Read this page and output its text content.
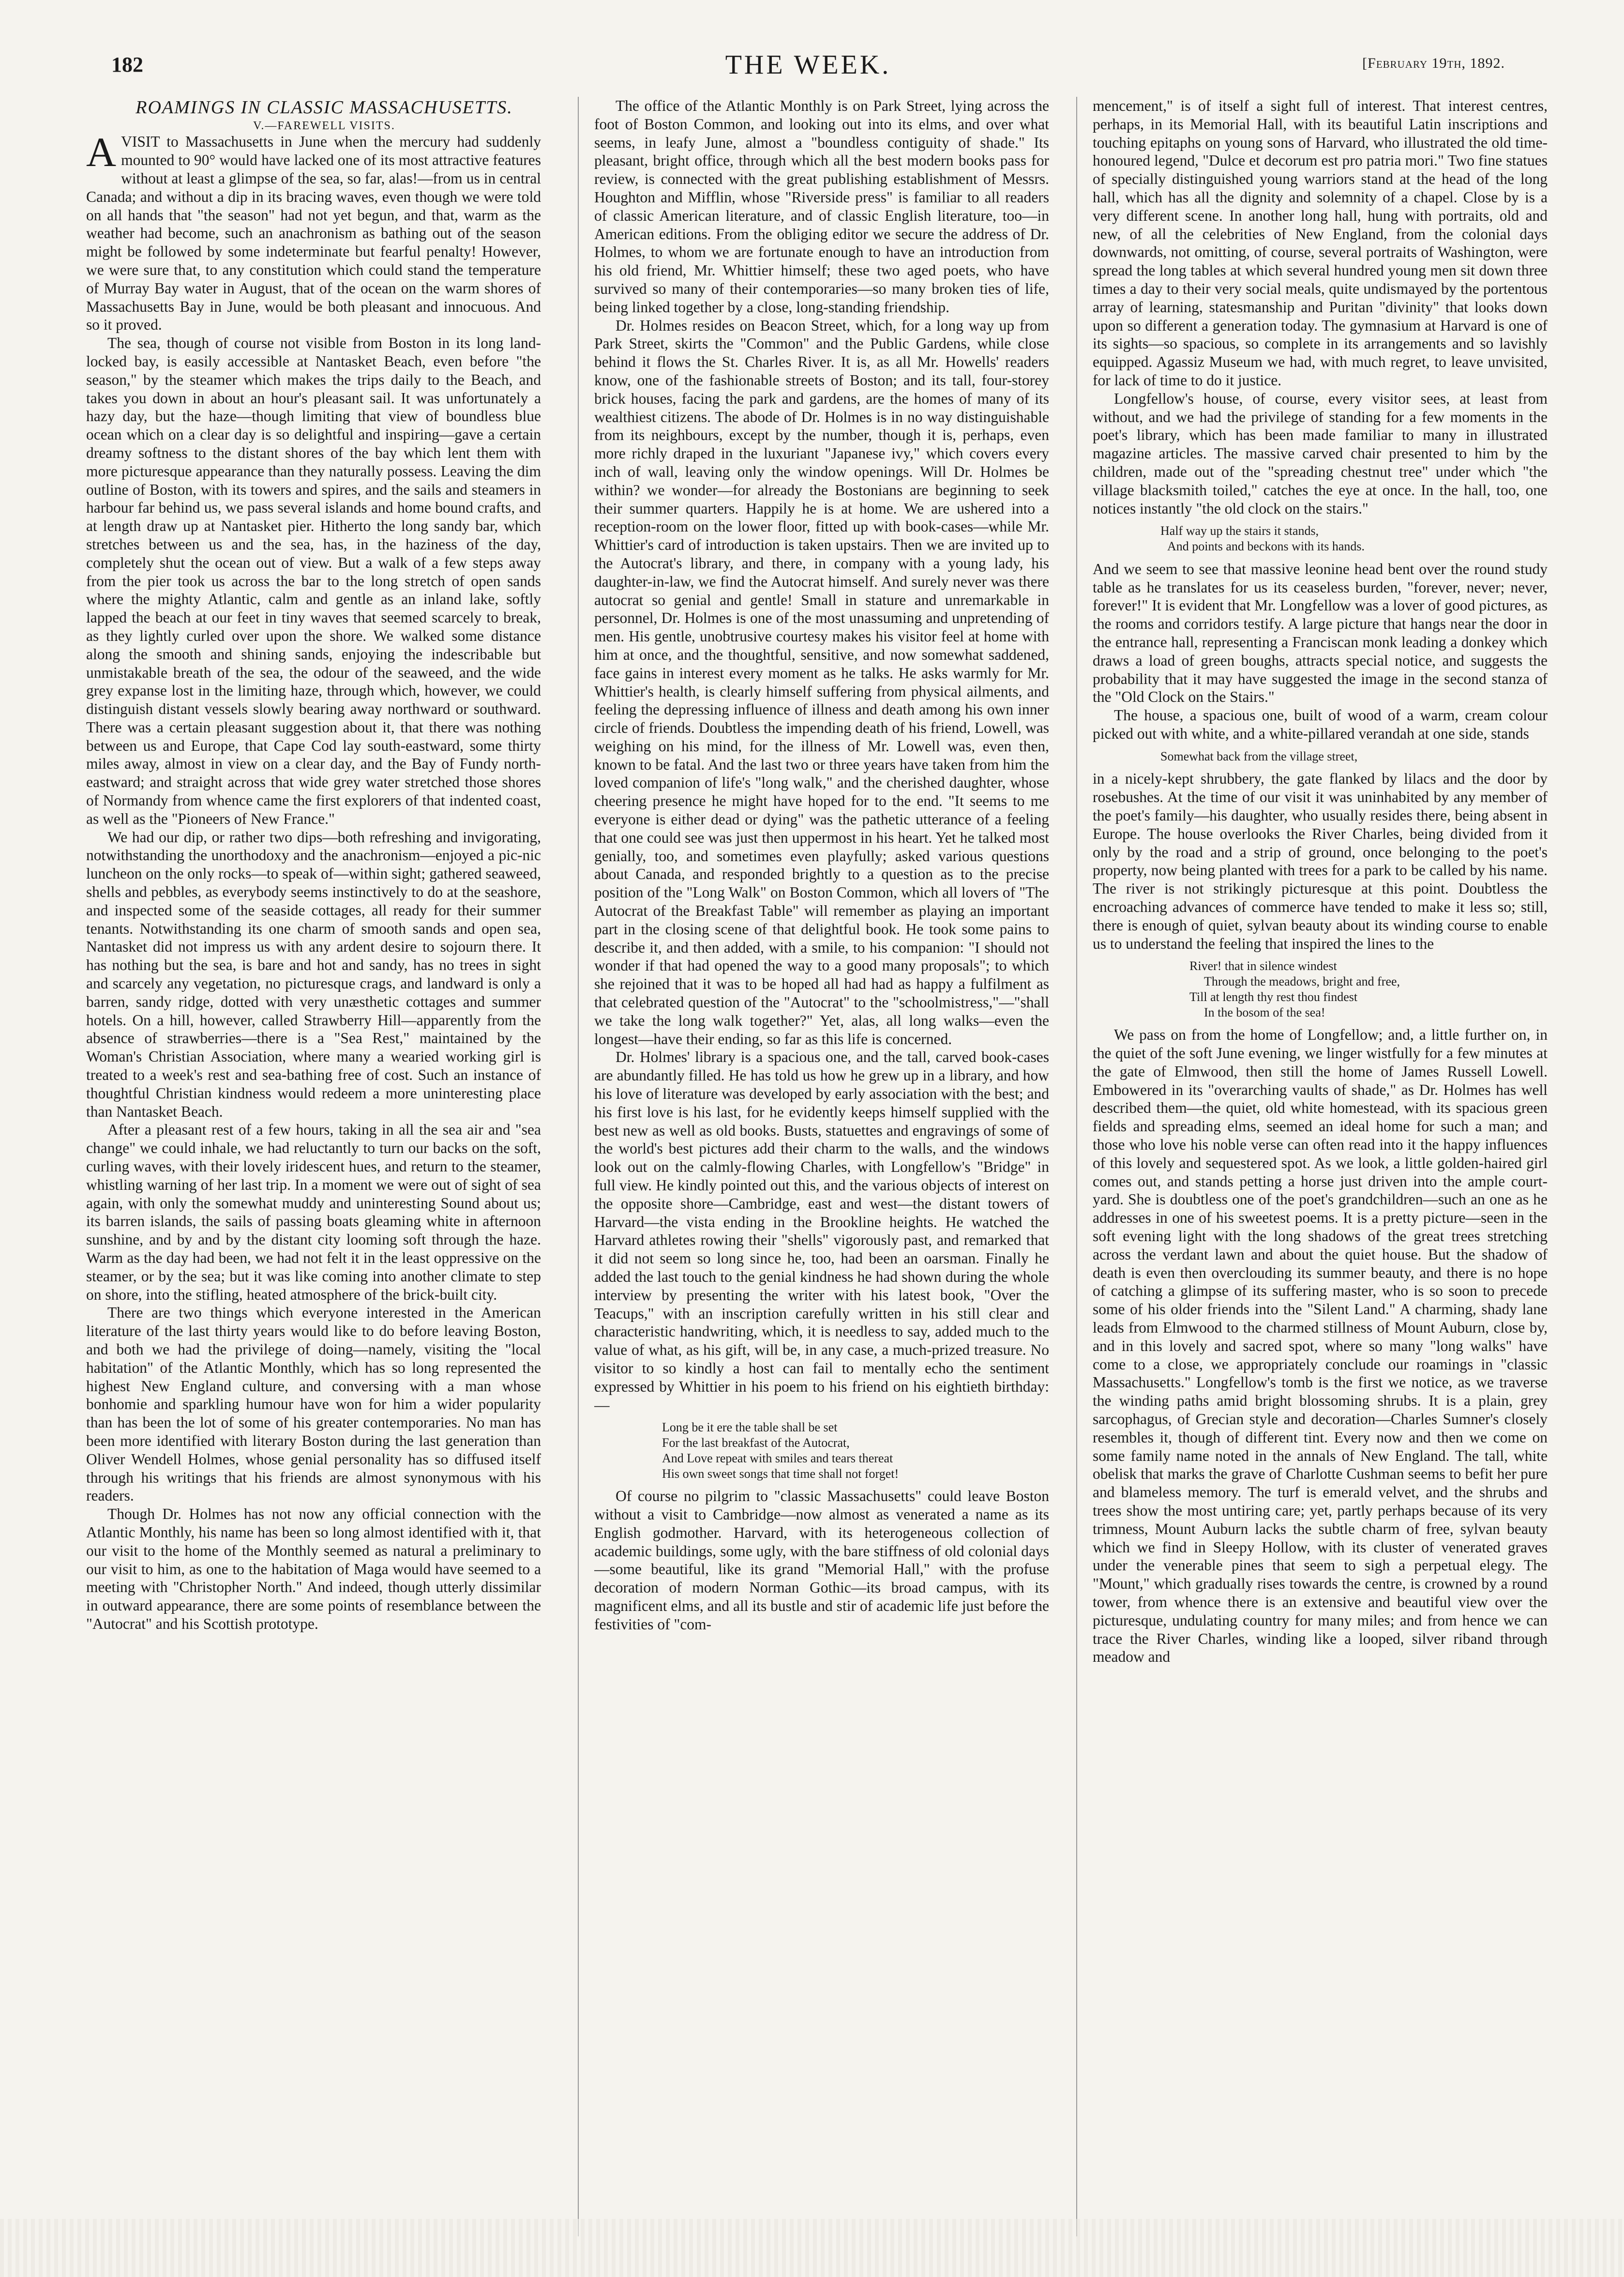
182	THE WEEK.	[February 19th, 1892.

ROAMINGS IN CLASSIC MASSACHUSETTS.

V.—FAREWELL VISITS.

AVISIT to Massachusetts in June when the mercury had suddenly mounted to 90° would have lacked one of its most attractive features without at least a glimpse of the sea, so far, alas!—from us in central Canada; and without a dip in its bracing waves, even though we were told on all hands that "the season" had not yet begun, and that, warm as the weather had become, such an anachronism as bathing out of the season might be followed by some indeterminate but fearful penalty! However, we were sure that, to any constitution which could stand the temperature of Murray Bay water in August, that of the ocean on the warm shores of Massachusetts Bay in June, would be both pleasant and innocuous. And so it proved.

The sea, though of course not visible from Boston in its long land-locked bay, is easily accessible at Nantasket Beach, even before "the season," by the steamer which makes the trips daily to the Beach, and takes you down in about an hour's pleasant sail. It was unfortunately a hazy day, but the haze—though limiting that view of boundless blue ocean which on a clear day is so delightful and inspiring—gave a certain dreamy softness to the distant shores of the bay which lent them with more picturesque appearance than they naturally possess. Leaving the dim outline of Boston, with its towers and spires, and the sails and steamers in harbour far behind us, we pass several islands and home bound crafts, and at length draw up at Nantasket pier. Hitherto the long sandy bar, which stretches between us and the sea, has, in the haziness of the day, completely shut the ocean out of view. But a walk of a few steps away from the pier took us across the bar to the long stretch of open sands where the mighty Atlantic, calm and gentle as an inland lake, softly lapped the beach at our feet in tiny waves that seemed scarcely to break, as they lightly curled over upon the shore. We walked some distance along the smooth and shining sands, enjoying the indescribable but unmistakable breath of the sea, the odour of the seaweed, and the wide grey expanse lost in the limiting haze, through which, however, we could distinguish distant vessels slowly bearing away northward or southward. There was a certain pleasant suggestion about it, that there was nothing between us and Europe, that Cape Cod lay south-eastward, some thirty miles away, almost in view on a clear day, and the Bay of Fundy north-eastward; and straight across that wide grey water stretched those shores of Normandy from whence came the first explorers of that indented coast, as well as the "Pioneers of New France."

We had our dip, or rather two dips—both refreshing and invigorating, notwithstanding the unorthodoxy and the anachronism—enjoyed a pic-nic luncheon on the only rocks—to speak of—within sight; gathered seaweed, shells and pebbles, as everybody seems instinctively to do at the seashore, and inspected some of the seaside cottages, all ready for their summer tenants. Notwithstanding its one charm of smooth sands and open sea, Nantasket did not impress us with any ardent desire to sojourn there. It has nothing but the sea, is bare and hot and sandy, has no trees in sight and scarcely any vegetation, no picturesque crags, and landward is only a barren, sandy ridge, dotted with very unæsthetic cottages and summer hotels. On a hill, however, called Strawberry Hill—apparently from the absence of strawberries—there is a "Sea Rest," maintained by the Woman's Christian Association, where many a wearied working girl is treated to a week's rest and sea-bathing free of cost. Such an instance of thoughtful Christian kindness would redeem a more uninteresting place than Nantasket Beach.

After a pleasant rest of a few hours, taking in all the sea air and "sea change" we could inhale, we had reluctantly to turn our backs on the soft, curling waves, with their lovely iridescent hues, and return to the steamer, whistling warning of her last trip. In a moment we were out of sight of sea again, with only the somewhat muddy and uninteresting Sound about us; its barren islands, the sails of passing boats gleaming white in afternoon sunshine, and by and by the distant city looming soft through the haze. Warm as the day had been, we had not felt it in the least oppressive on the steamer, or by the sea; but it was like coming into another climate to step on shore, into the stifling, heated atmosphere of the brick-built city.

There are two things which everyone interested in the American literature of the last thirty years would like to do before leaving Boston, and both we had the privilege of doing—namely, visiting the "local habitation" of the Atlantic Monthly, which has so long represented the highest New England culture, and conversing with a man whose bonhomie and sparkling humour have won for him a wider popularity than has been the lot of some of his greater contemporaries. No man has been more identified with literary Boston during the last generation than Oliver Wendell Holmes, whose genial personality has so diffused itself through his writings that his friends are almost synonymous with his readers.

Though Dr. Holmes has not now any official connection with the Atlantic Monthly, his name has been so long almost identified with it, that our visit to the home of the Monthly seemed as natural a preliminary to our visit to him, as one to the habitation of Maga would have seemed to a meeting with "Christopher North." And indeed, though utterly dissimilar in outward appearance, there are some points of resemblance between the "Autocrat" and his Scottish prototype.

The office of the Atlantic Monthly is on Park Street, lying across the foot of Boston Common, and looking out into its elms, and over what seems, in leafy June, almost a "boundless contiguity of shade." Its pleasant, bright office, through which all the best modern books pass for review, is connected with the great publishing establishment of Messrs. Houghton and Mifflin, whose "Riverside press" is familiar to all readers of classic American literature, and of classic English literature, too—in American editions. From the obliging editor we secure the address of Dr. Holmes, to whom we are fortunate enough to have an introduction from his old friend, Mr. Whittier himself; these two aged poets, who have survived so many of their contemporaries—so many broken ties of life, being linked together by a close, long-standing friendship.

Dr. Holmes resides on Beacon Street, which, for a long way up from Park Street, skirts the "Common" and the Public Gardens, while close behind it flows the St. Charles River. It is, as all Mr. Howells' readers know, one of the fashionable streets of Boston; and its tall, four-storey brick houses, facing the park and gardens, are the homes of many of its wealthiest citizens. The abode of Dr. Holmes is in no way distinguishable from its neighbours, except by the number, though it is, perhaps, even more richly draped in the luxuriant "Japanese ivy," which covers every inch of wall, leaving only the window openings. Will Dr. Holmes be within? we wonder—for already the Bostonians are beginning to seek their summer quarters. Happily he is at home. We are ushered into a reception-room on the lower floor, fitted up with book-cases—while Mr. Whittier's card of introduction is taken upstairs. Then we are invited up to the Autocrat's library, and there, in company with a young lady, his daughter-in-law, we find the Autocrat himself. And surely never was there autocrat so genial and gentle! Small in stature and unremarkable in personnel, Dr. Holmes is one of the most unassuming and unpretending of men. His gentle, unobtrusive courtesy makes his visitor feel at home with him at once, and the thoughtful, sensitive, and now somewhat saddened, face gains in interest every moment as he talks. He asks warmly for Mr. Whittier's health, is clearly himself suffering from physical ailments, and feeling the depressing influence of illness and death among his own inner circle of friends. Doubtless the impending death of his friend, Lowell, was weighing on his mind, for the illness of Mr. Lowell was, even then, known to be fatal. And the last two or three years have taken from him the loved companion of life's "long walk," and the cherished daughter, whose cheering presence he might have hoped for to the end. "It seems to me everyone is either dead or dying" was the pathetic utterance of a feeling that one could see was just then uppermost in his heart. Yet he talked most genially, too, and sometimes even playfully; asked various questions about Canada, and responded brightly to a question as to the precise position of the "Long Walk" on Boston Common, which all lovers of "The Autocrat of the Breakfast Table" will remember as playing an important part in the closing scene of that delightful book. He took some pains to describe it, and then added, with a smile, to his companion: "I should not wonder if that had opened the way to a good many proposals"; to which she rejoined that it was to be hoped all had had as happy a fulfilment as that celebrated question of the "Autocrat" to the "schoolmistress,"—"shall we take the long walk together?" Yet, alas, all long walks—even the longest—have their ending, so far as this life is concerned.

Dr. Holmes' library is a spacious one, and the tall, carved book-cases are abundantly filled. He has told us how he grew up in a library, and how his love of literature was developed by early association with the best; and his first love is his last, for he evidently keeps himself supplied with the best new as well as old books. Busts, statuettes and engravings of some of the world's best pictures add their charm to the walls, and the windows look out on the calmly-flowing Charles, with Longfellow's "Bridge" in full view. He kindly pointed out this, and the various objects of interest on the opposite shore—Cambridge, east and west—the distant towers of Harvard—the vista ending in the Brookline heights. He watched the Harvard athletes rowing their "shells" vigorously past, and remarked that it did not seem so long since he, too, had been an oarsman. Finally he added the last touch to the genial kindness he had shown during the whole interview by presenting the writer with his latest book, "Over the Teacups," with an inscription carefully written in his still clear and characteristic handwriting, which, it is needless to say, added much to the value of what, as his gift, will be, in any case, a much-prized treasure. No visitor to so kindly a host can fail to mentally echo the sentiment expressed by Whittier in his poem to his friend on his eightieth birthday:—

Long be it ere the table shall be set
For the last breakfast of the Autocrat,
And Love repeat with smiles and tears thereat
His own sweet songs that time shall not forget!

Of course no pilgrim to "classic Massachusetts" could leave Boston without a visit to Cambridge—now almost as venerated a name as its English godmother. Harvard, with its heterogeneous collection of academic buildings, some ugly, with the bare stiffness of old colonial days—some beautiful, like its grand "Memorial Hall," with the profuse decoration of modern Norman Gothic—its broad campus, with its magnificent elms, and all its bustle and stir of academic life just before the festivities of "com-

mencement," is of itself a sight full of interest. That interest centres, perhaps, in its Memorial Hall, with its beautiful Latin inscriptions and touching epitaphs on young sons of Harvard, who illustrated the old time-honoured legend, "Dulce et decorum est pro patria mori." Two fine statues of specially distinguished young warriors stand at the head of the long hall, which has all the dignity and solemnity of a chapel. Close by is a very different scene. In another long hall, hung with portraits, old and new, of all the celebrities of New England, from the colonial days downwards, not omitting, of course, several portraits of Washington, were spread the long tables at which several hundred young men sit down three times a day to their very social meals, quite undismayed by the portentous array of learning, statesmanship and Puritan "divinity" that looks down upon so different a generation today. The gymnasium at Harvard is one of its sights—so spacious, so complete in its arrangements and so lavishly equipped. Agassiz Museum we had, with much regret, to leave unvisited, for lack of time to do it justice.

Longfellow's house, of course, every visitor sees, at least from without, and we had the privilege of standing for a few moments in the poet's library, which has been made familiar to many in illustrated magazine articles. The massive carved chair presented to him by the children, made out of the "spreading chestnut tree" under which "the village blacksmith toiled," catches the eye at once. In the hall, too, one notices instantly "the old clock on the stairs."

Half way up the stairs it stands,
And points and beckons with its hands.

And we seem to see that massive leonine head bent over the round study table as he translates for us its ceaseless burden, "forever, never; never, forever!" It is evident that Mr. Longfellow was a lover of good pictures, as the rooms and corridors testify. A large picture that hangs near the door in the entrance hall, representing a Franciscan monk leading a donkey which draws a load of green boughs, attracts special notice, and suggests the probability that it may have suggested the image in the second stanza of the "Old Clock on the Stairs."

The house, a spacious one, built of wood of a warm, cream colour picked out with white, and a white-pillared verandah at one side, stands

Somewhat back from the village street,

in a nicely-kept shrubbery, the gate flanked by lilacs and the door by rosebushes. At the time of our visit it was uninhabited by any member of the poet's family—his daughter, who usually resides there, being absent in Europe. The house overlooks the River Charles, being divided from it only by the road and a strip of ground, once belonging to the poet's property, now being planted with trees for a park to be called by his name. The river is not strikingly picturesque at this point. Doubtless the encroaching advances of commerce have tended to make it less so; still, there is enough of quiet, sylvan beauty about its winding course to enable us to understand the feeling that inspired the lines to the

River! that in silence windest
Through the meadows, bright and free,
Till at length thy rest thou findest
In the bosom of the sea!

We pass on from the home of Longfellow; and, a little further on, in the quiet of the soft June evening, we linger wistfully for a few minutes at the gate of Elmwood, then still the home of James Russell Lowell. Embowered in its "overarching vaults of shade," as Dr. Holmes has well described them—the quiet, old white homestead, with its spacious green fields and spreading elms, seemed an ideal home for such a man; and those who love his noble verse can often read into it the happy influences of this lovely and sequestered spot. As we look, a little golden-haired girl comes out, and stands petting a horse just driven into the ample court-yard. She is doubtless one of the poet's grandchildren—such an one as he addresses in one of his sweetest poems. It is a pretty picture—seen in the soft evening light with the long shadows of the great trees stretching across the verdant lawn and about the quiet house. But the shadow of death is even then overclouding its summer beauty, and there is no hope of catching a glimpse of its suffering master, who is so soon to precede some of his older friends into the "Silent Land." A charming, shady lane leads from Elmwood to the charmed stillness of Mount Auburn, close by, and in this lovely and sacred spot, where so many "long walks" have come to a close, we appropriately conclude our roamings in "classic Massachusetts." Longfellow's tomb is the first we notice, as we traverse the winding paths amid bright blossoming shrubs. It is a plain, grey sarcophagus, of Grecian style and decoration—Charles Sumner's closely resembles it, though of different tint. Every now and then we come on some family name noted in the annals of New England. The tall, white obelisk that marks the grave of Charlotte Cushman seems to befit her pure and blameless memory. The turf is emerald velvet, and the shrubs and trees show the most untiring care; yet, partly perhaps because of its very trimness, Mount Auburn lacks the subtle charm of free, sylvan beauty which we find in Sleepy Hollow, with its cluster of venerated graves under the venerable pines that seem to sigh a perpetual elegy. The "Mount," which gradually rises towards the centre, is crowned by a round tower, from whence there is an extensive and beautiful view over the picturesque, undulating country for many miles; and from hence we can trace the River Charles, winding like a looped, silver riband through meadow and
